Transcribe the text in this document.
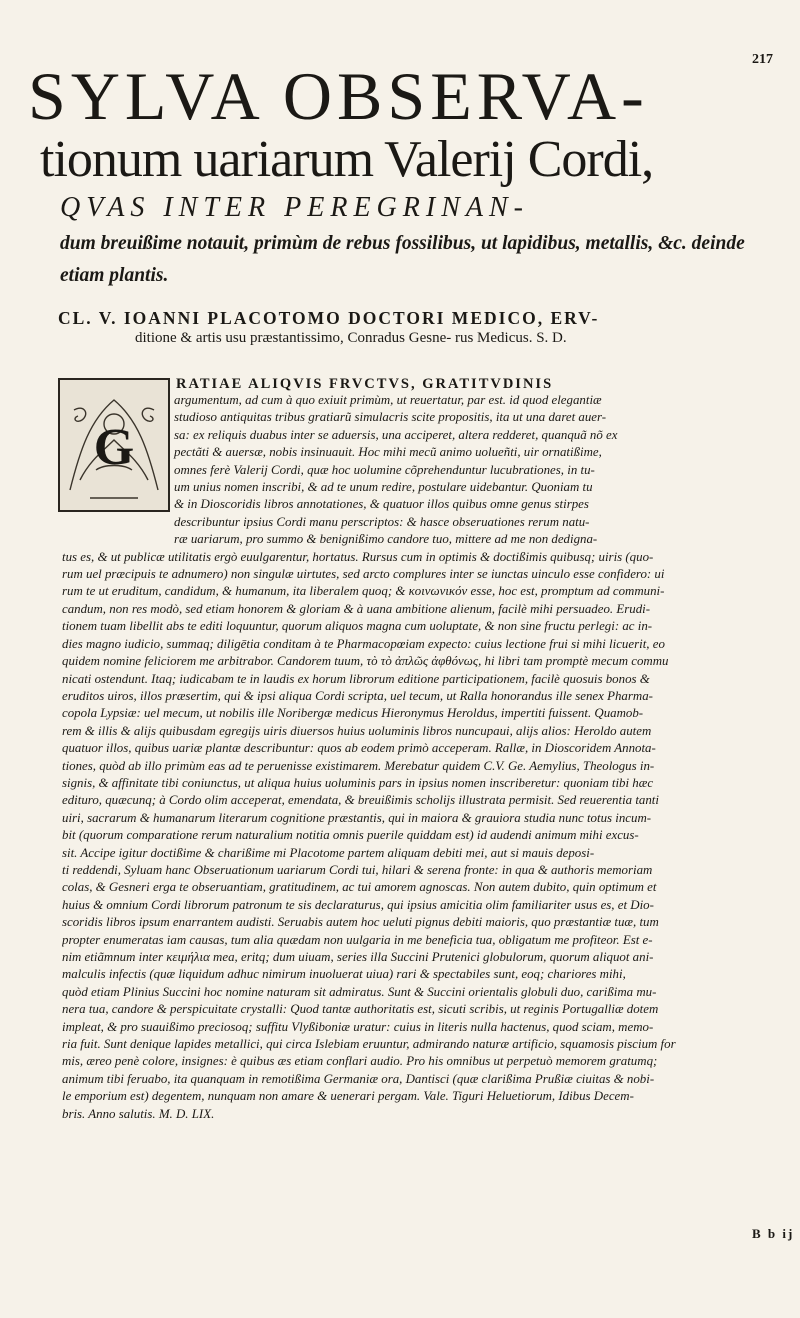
217
SYLVA OBSERVA-
tionum uariarum Valerij Cordi,
QVAS INTER PEREGRINAN-
dum breuißime notauit, primùm de rebus fossilibus, ut lapidibus, metallis, &c. deinde etiam plantis.
CL. V. IOANNI PLACOTOMO DOCTORI MEDICO, ERV-
ditione & artis usu præstantissimo, Conradus Gesne- rus Medicus. S. D.
G
RATIAE ALIQVIS FRVCTVS, GRATITVDINIS
argumentum, ad cum à quo exiuit primùm, ut reuertatur, par est. id quod elegantiæ
studioso antiquitas tribus gratiarũ simulacris scite propositis, ita ut una daret auer-
sa: ex reliquis duabus inter se aduersis, una acciperet, altera redderet, quanquã nõ ex
pectãti & auersæ, nobis insinuauit. Hoc mihi mecũ animo uolueñti, uir ornatißime,
omnes ferè Valerij Cordi, quæ hoc uolumine cõprehenduntur lucubrationes, in tu-
um unius nomen inscribi, & ad te unum redire, postulare uidebantur. Quoniam tu
& in Dioscoridis libros annotationes, & quatuor illos quibus omne genus stirpes
describuntur ipsius Cordi manu perscriptos: & hasce obseruationes rerum natu-
ræ uariarum, pro summo & benignißimo candore tuo, mittere ad me non dedigna-
tus es, & ut publicæ utilitatis ergò euulgarentur, hortatus. Rursus cum in optimis & doctißimis quibusq; uiris (quo-
rum uel præcipuis te adnumero) non singulæ uirtutes, sed arcto complures inter se iunctas uinculo esse confidero: ui
rum te ut eruditum, candidum, & humanum, ita liberalem quoq; & κοινωνικόν esse, hoc est, promptum ad communi-
candum, non res modò, sed etiam honorem & gloriam & à uana ambitione alienum, facilè mihi persuadeo. Erudi-
tionem tuam libellit abs te editi loquuntur, quorum aliquos magna cum uoluptate, & non sine fructu perlegi: ac in-
dies magno iudicio, summaq; diligētia conditam à te Pharmacopœiam expecto: cuius lectione frui si mihi licuerit, eo
quidem nomine feliciorem me arbitrabor. Candorem tuum, τὸ τὸ ἀπλῶς ἀφθόνως, hi libri tam promptè mecum commu
nicati ostendunt. Itaq; iudicabam te in laudis ex horum librorum editione participationem, facilè quosuis bonos &
eruditos uiros, illos præsertim, qui & ipsi aliqua Cordi scripta, uel tecum, ut Ralla honorandus ille senex Pharma-
copola Lypsiæ: uel mecum, ut nobilis ille Noribergæ medicus Hieronymus Heroldus, impertiti fuissent. Quamob-
rem & illis & alijs quibusdam egregijs uiris diuersos huius uoluminis libros nuncupaui, alijs alios: Heroldo autem
quatuor illos, quibus uariæ plantæ describuntur: quos ab eodem primò acceperam. Rallæ, in Dioscoridem Annota-
tiones, quòd ab illo primùm eas ad te peruenisse existimarem. Merebatur quidem C.V. Ge. Aemylius, Theologus in-
signis, & affinitate tibi coniunctus, ut aliqua huius uoluminis pars in ipsius nomen inscriberetur: quoniam tibi hæc
edituro, quæcunq; à Cordo olim acceperat, emendata, & breuißimis scholijs illustrata permisit. Sed reuerentia tanti
uiri, sacrarum & humanarum literarum cognitione præstantis, qui in maiora & grauiora studia nunc totus incum-
bit (quorum comparatione rerum naturalium notitia omnis puerile quiddam est) id audendi animum mihi excus-
sit. Accipe igitur doctißime & charißime mi Placotome partem aliquam debiti mei, aut si mauis deposi-
ti reddendi, Syluam hanc Obseruationum uariarum Cordi tui, hilari & serena fronte: in qua & authoris memoriam
colas, & Gesneri erga te obseruantiam, gratitudinem, ac tui amorem agnoscas. Non autem dubito, quin optimum et
huius & omnium Cordi librorum patronum te sis declaraturus, qui ipsius amicitia olim familiariter usus es, et Dio-
scoridis libros ipsum enarrantem audisti. Seruabis autem hoc ueluti pignus debiti maioris, quo præstantiæ tuæ, tum
propter enumeratas iam causas, tum alia quædam non uulgaria in me beneficia tua, obligatum me profiteor. Est e-
nim etiãmnum inter κειμήλια mea, eritq; dum uiuam, series illa Succini Prutenici globulorum, quorum aliquot ani-
malculis infectis (quæ liquidum adhuc nimirum inuoluerat uiua) rari & spectabiles sunt, eoq; chariores mihi,
quòd etiam Plinius Succini hoc nomine naturam sit admiratus. Sunt & Succini orientalis globuli duo, carißima mu-
nera tua, candore & perspicuitate crystalli: Quod tantæ authoritatis est, sicuti scribis, ut reginis Portugalliæ dotem
impleat, & pro suauißimo preciosoq; suffitu Vlyßiboniæ uratur: cuius in literis nulla hactenus, quod sciam, memo-
ria fuit. Sunt denique lapides metallici, qui circa Islebiam eruuntur, admirando naturæ artificio, squamosis piscium for
mis, æreo penè colore, insignes: è quibus æs etiam conflari audio. Pro his omnibus ut perpetuò memorem gratumq;
animum tibi feruabo, ita quanquam in remotißima Germaniæ ora, Dantisci (quæ clarißima Prußiæ ciuitas & nobi-
le emporium est) degentem, nunquam non amare & uenerari pergam. Vale. Tiguri Heluetiorum, Idibus Decem-
bris. Anno salutis. M. D. LIX.
B b ij
